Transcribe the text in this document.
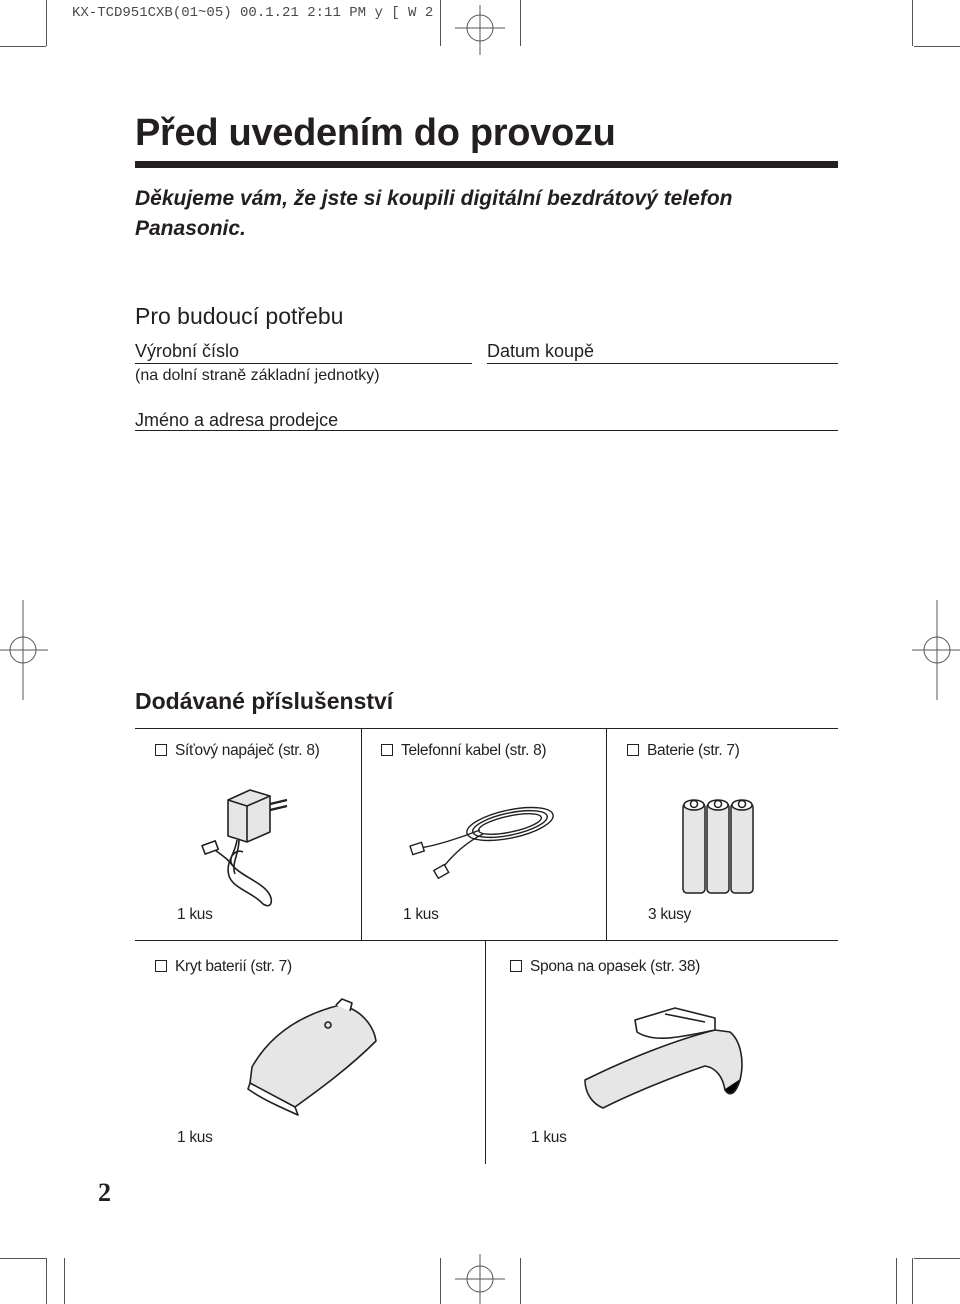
KX-TCD951CXB(01~05) 00.1.21 2:11 PM y [ W 2
Před uvedením do provozu
Děkujeme vám, že jste si koupili digitální bezdrátový telefon Panasonic.
Pro budoucí potřebu
Výrobní číslo
(na dolní straně základní jednotky)
Datum koupě
Jméno a adresa prodejce
Dodávané příslušenství
Síťový napáječ (str. 8)	Telefonní kabel (str. 8)	Baterie (str. 7)
1 kus	1 kus	3 kusy
Kryt baterií (str. 7)	Spona na opasek (str. 38)
1 kus	1 kus
2
